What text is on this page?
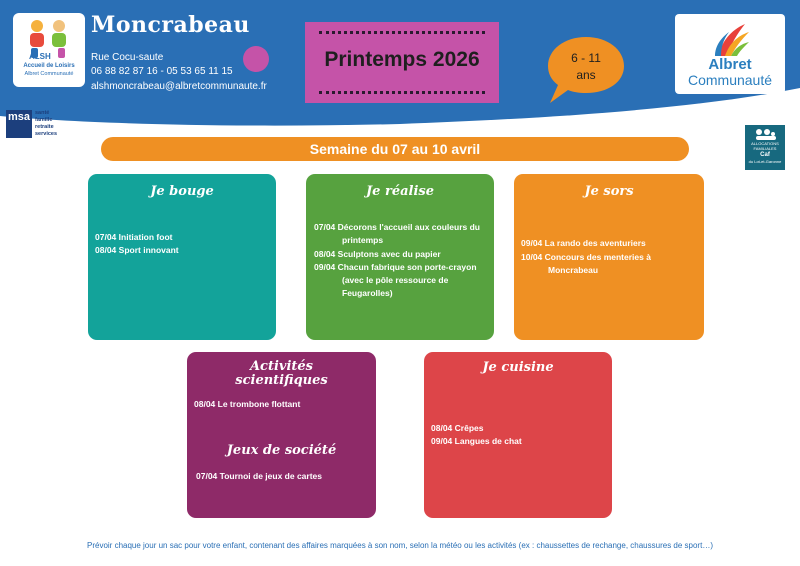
ALSH
Accueil de Loisirs
Albret Communauté
Moncrabeau
Rue Cocu-saute
06 88 82 87 16 - 05 53 65 11 15
alshmoncrabeau@albretcommunaute.fr
Printemps 2026	6 - 11
ans
Albret
Communauté
msa santé
famille
retraite
services
ALLOCATIONS FAMILIALES
Caf
du Lot-et-Garonne
Semaine du 07 au 10 avril
Je bouge
07/04 Initiation foot
08/04 Sport innovant
Je réalise
07/04 Décorons l'accueil aux couleurs du
printemps
08/04 Sculptons avec du papier
09/04 Chacun fabrique son porte-crayon
(avec le pôle ressource de
Feugarolles)
Je sors
09/04 La rando des aventuriers
10/04 Concours des menteries à
Moncrabeau
Activités
scientifiques
08/04 Le trombone flottant
Jeux de société
07/04 Tournoi de jeux de cartes
Je cuisine
08/04 Crêpes
09/04 Langues de chat
Prévoir chaque jour un sac pour votre enfant, contenant des affaires marquées à son nom, selon la météo ou les activités (ex : chaussettes de rechange, chaussures de sport…)
